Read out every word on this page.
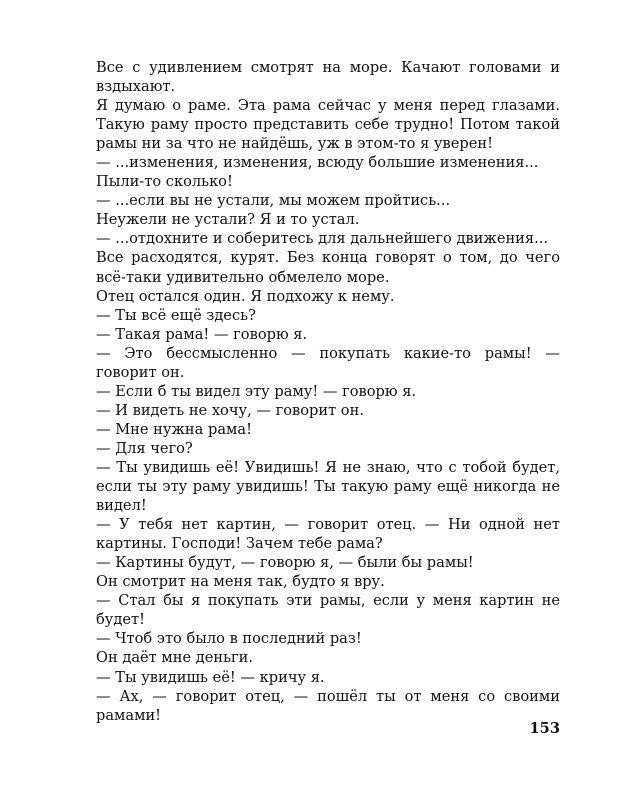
Все с удивлением смотрят на море. Качают головами и вздыхают.

Я думаю о раме. Эта рама сейчас у меня перед глазами. Такую раму просто представить себе трудно! Потом такой рамы ни за что не найдёшь, уж в этом-то я уверен!

— ...изменения, изменения, всюду большие изменения...

Пыли-то сколько!

— ...если вы не устали, мы можем пройтись...

Неужели не устали? Я и то устал.

— ...отдохните и соберитесь для дальнейшего движения...

Все расходятся, курят. Без конца говорят о том, до чего всё-таки удивительно обмелело море.

Отец остался один. Я подхожу к нему.

— Ты всё ещё здесь?

— Такая рама! — говорю я.

— Это бессмысленно — покупать какие-то рамы! — говорит он.

— Если б ты видел эту раму! — говорю я.

— И видеть не хочу, — говорит он.

— Мне нужна рама!

— Для чего?

— Ты увидишь её! Увидишь! Я не знаю, что с тобой будет, если ты эту раму увидишь! Ты такую раму ещё никогда не видел!

— У тебя нет картин, — говорит отец. — Ни одной нет картины. Господи! Зачем тебе рама?

— Картины будут, — говорю я, — были бы рамы!

Он смотрит на меня так, будто я вру.

— Стал бы я покупать эти рамы, если у меня картин не будет!

— Чтоб это было в последний раз!

Он даёт мне деньги.

— Ты увидишь её! — кричу я.

— Ах, — говорит отец, — пошёл ты от меня со своими рамами!

153
